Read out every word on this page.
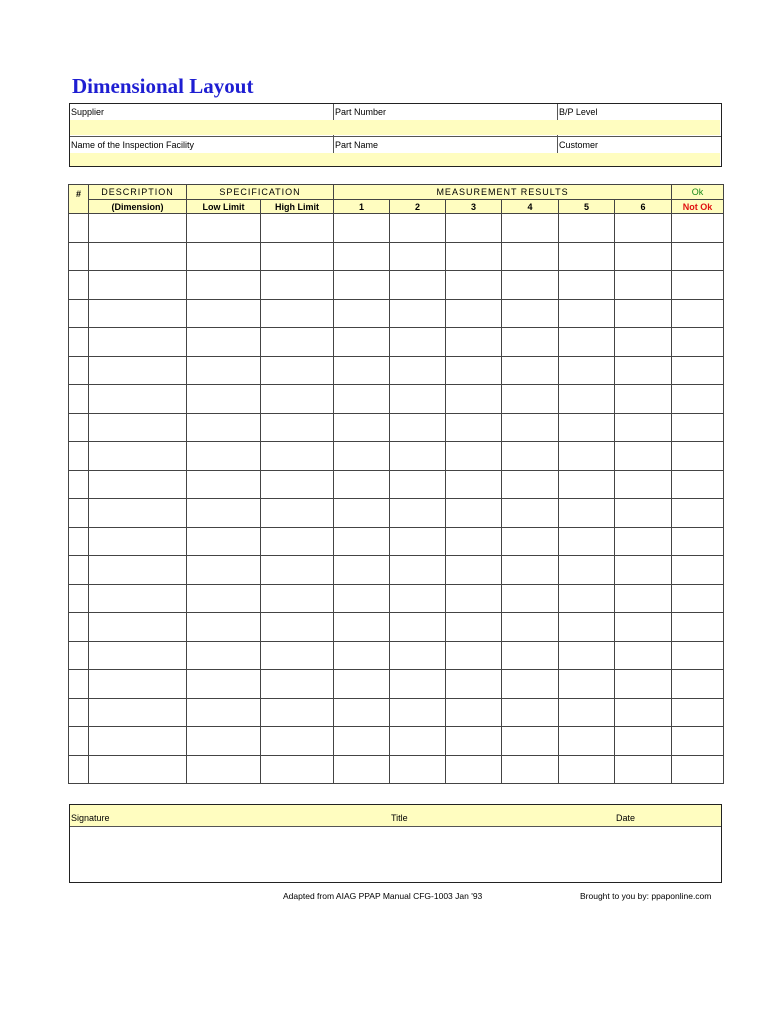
Dimensional Layout
Supplier	Part Number	B/P Level
Name of the Inspection Facility	Part Name	Customer
#	DESCRIPTION	SPECIFICATION		MEASUREMENT RESULTS						Ok
	(Dimension)	Low Limit	High Limit	1	2	3	4	5	6	Not Ok

Signature	Title	Date
Adapted from AIAG PPAP Manual CFG-1003 Jan '93	Brought to you by: ppaponline.com
